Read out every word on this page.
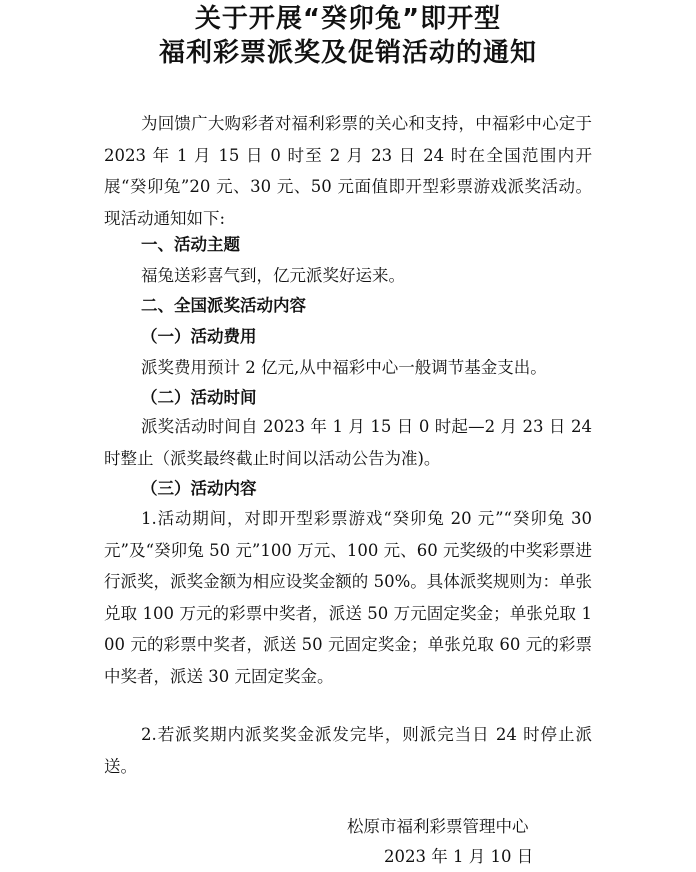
关于开展“癸卯兔”即开型
福利彩票派奖及促销活动的通知

为回馈广大购彩者对福利彩票的关心和支持，中福彩中心定于 2023 年 1 月 15 日 0 时至 2 月 23 日 24 时在全国范围内开展“癸卯兔”20 元、30 元、50 元面值即开型彩票游戏派奖活动。现活动通知如下:

一、活动主题

福兔送彩喜气到，亿元派奖好运来。

二、全国派奖活动内容

（一）活动费用

派奖费用预计 2 亿元,从中福彩中心一般调节基金支出。

（二）活动时间

派奖活动时间自 2023 年 1 月 15 日 0 时起—2 月 23 日 24 时整止（派奖最终截止时间以活动公告为准)。

（三）活动内容

1.活动期间，对即开型彩票游戏“癸卯兔 20 元”“癸卯兔 30 元”及“癸卯兔 50 元”100 万元、100 元、60 元奖级的中奖彩票进行派奖，派奖金额为相应设奖金额的 50%。具体派奖规则为：单张兑取 100 万元的彩票中奖者，派送 50 万元固定奖金；单张兑取 100 元的彩票中奖者，派送 50 元固定奖金；单张兑取 60 元的彩票中奖者，派送 30 元固定奖金。

2.若派奖期内派奖奖金派发完毕，则派完当日 24 时停止派送。

松原市福利彩票管理中心

2023 年 1 月 10 日
